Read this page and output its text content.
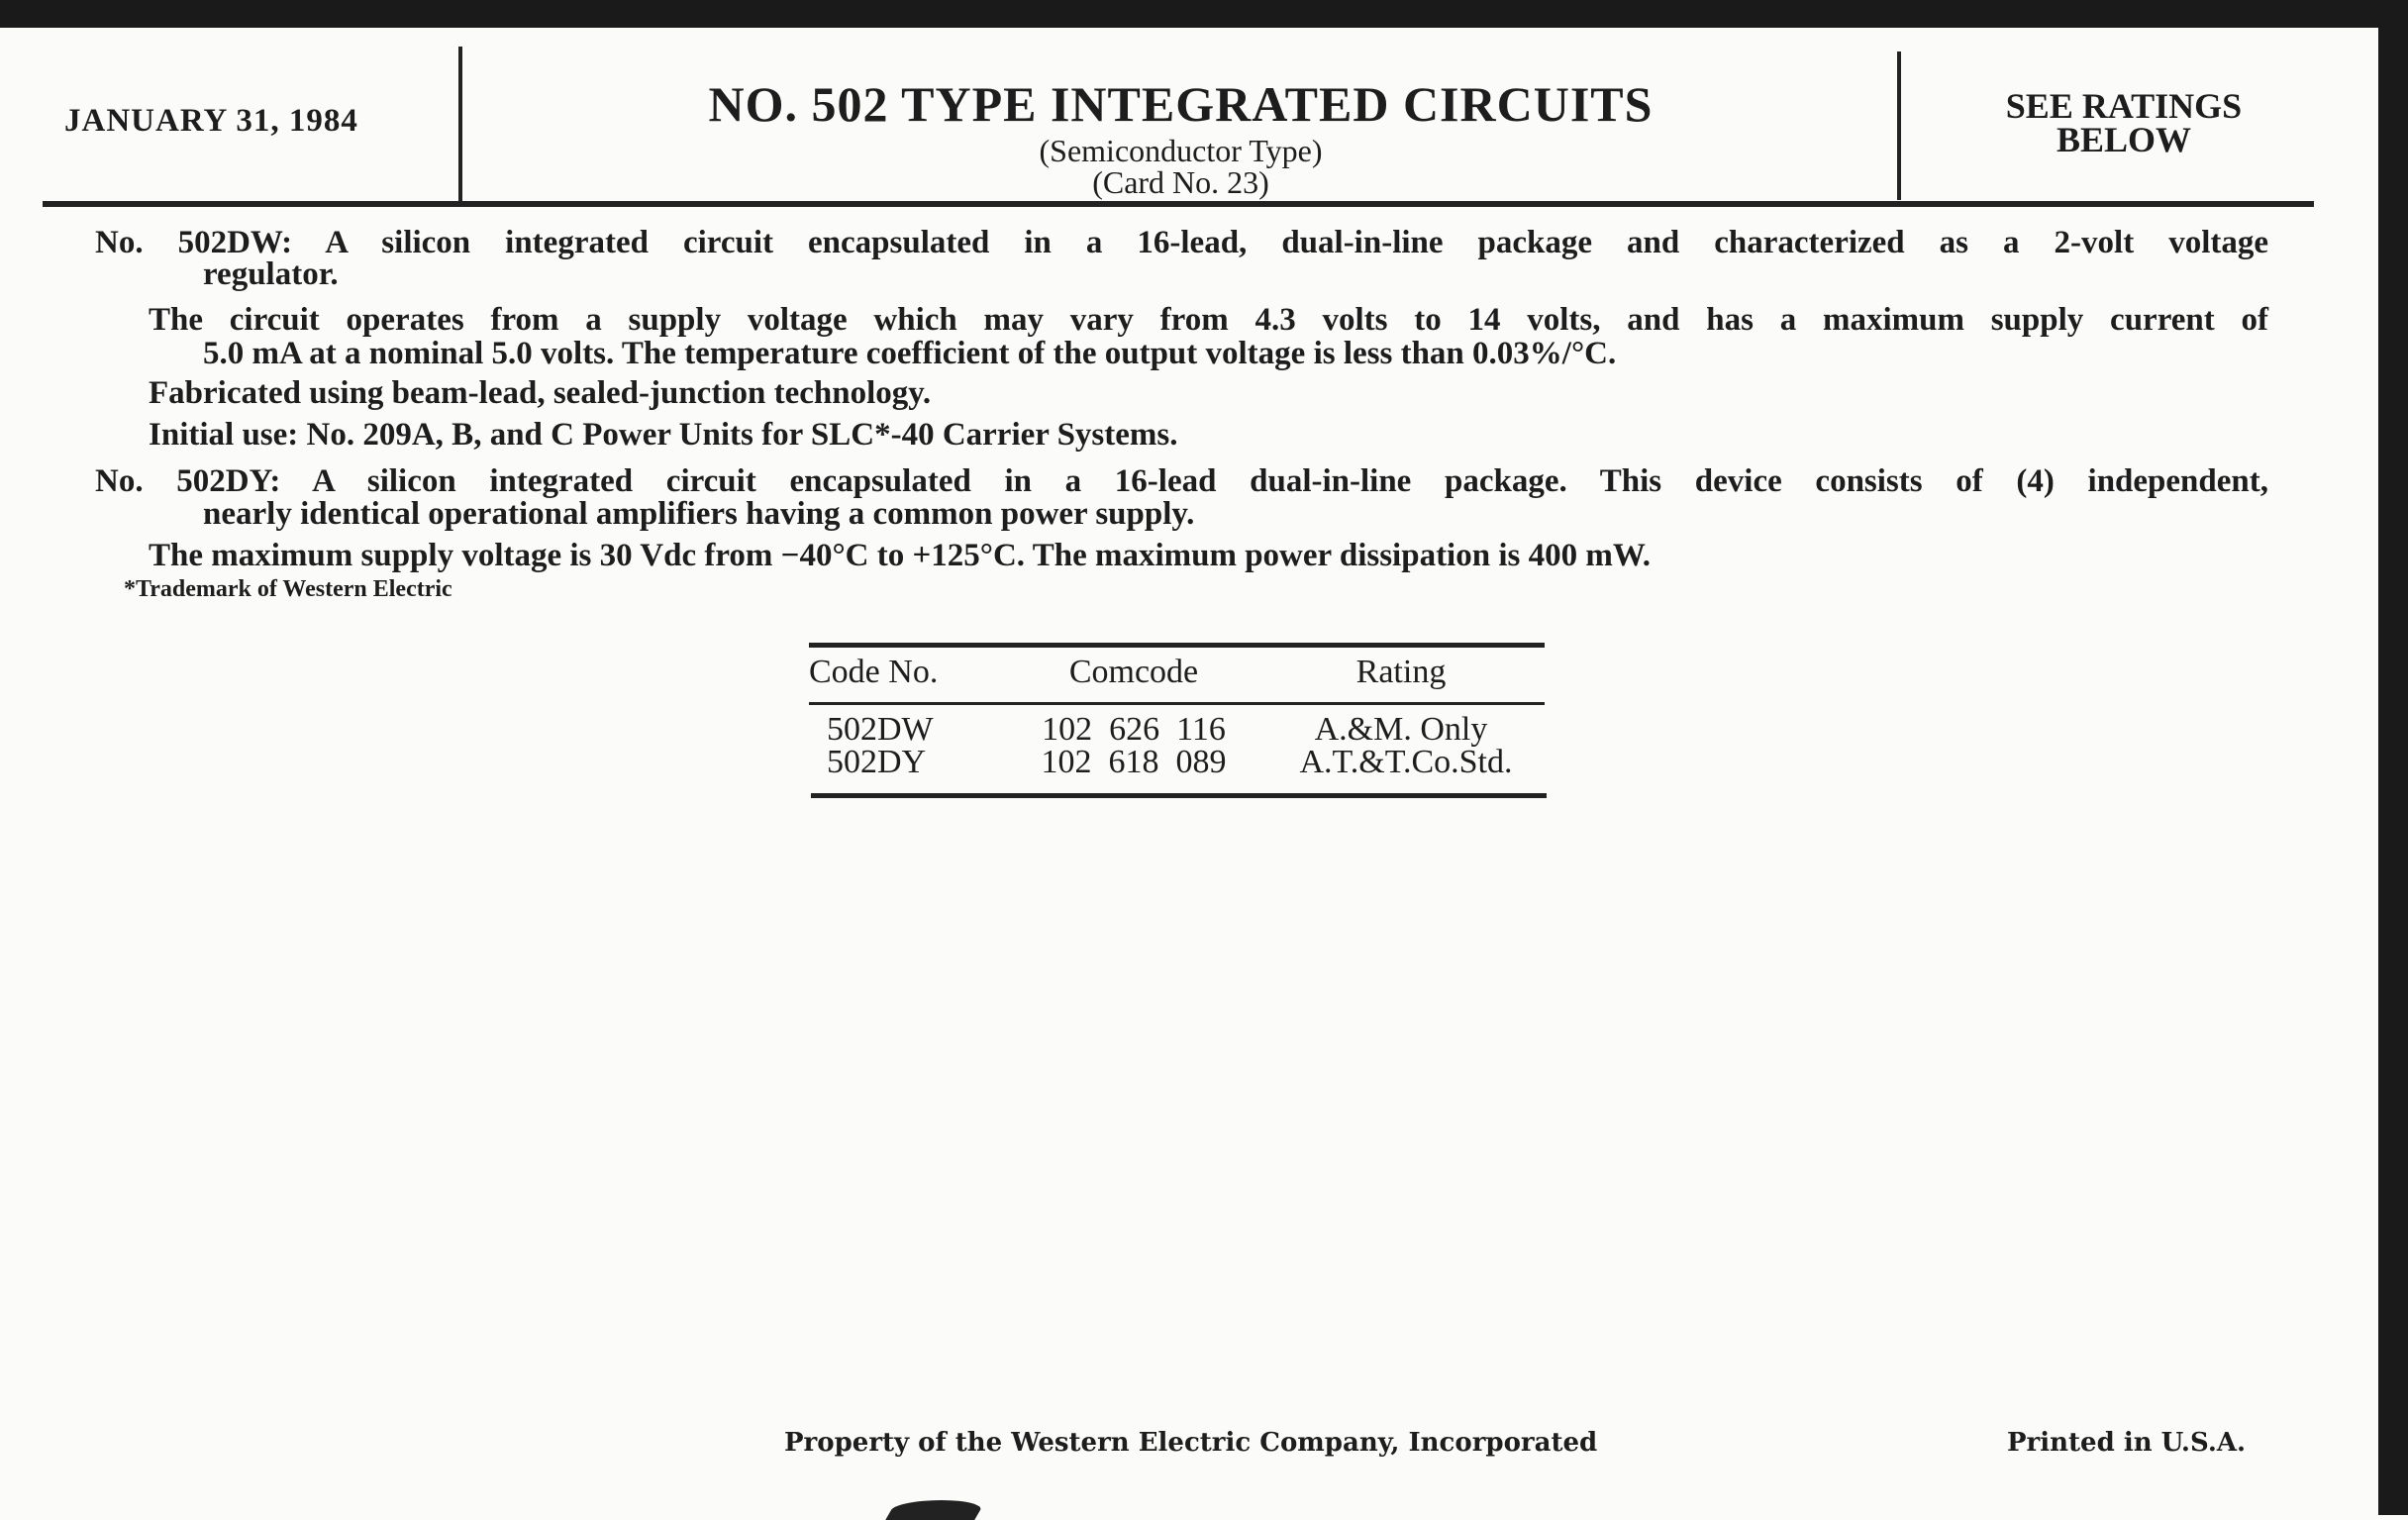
JANUARY 31, 1984	NO. 502 TYPE INTEGRATED CIRCUITS
(Semiconductor Type)
(Card No. 23)
SEE RATINGS
BELOW
No. 502DW: A silicon integrated circuit encapsulated in a 16-lead, dual-in-line package and characterized as a 2-volt voltage
regulator.
The circuit operates from a supply voltage which may vary from 4.3 volts to 14 volts, and has a maximum supply current of
5.0 mA at a nominal 5.0 volts. The temperature coefficient of the output voltage is less than 0.03%/°C.
Fabricated using beam-lead, sealed-junction technology.
Initial use: No. 209A, B, and C Power Units for SLC*-40 Carrier Systems.
No. 502DY: A silicon integrated circuit encapsulated in a 16-lead dual-in-line package. This device consists of (4) independent,
nearly identical operational amplifiers having a common power supply.
The maximum supply voltage is 30 Vdc from −40°C to +125°C. The maximum power dissipation is 400 mW.
*Trademark of Western Electric
Code No.	Comcode	Rating
502DW	102  626  116	A.&M. Only
502DY	102  618  089	A.T.&T.Co.Std.
Property of the Western Electric Company, Incorporated	Printed in U.S.A.
